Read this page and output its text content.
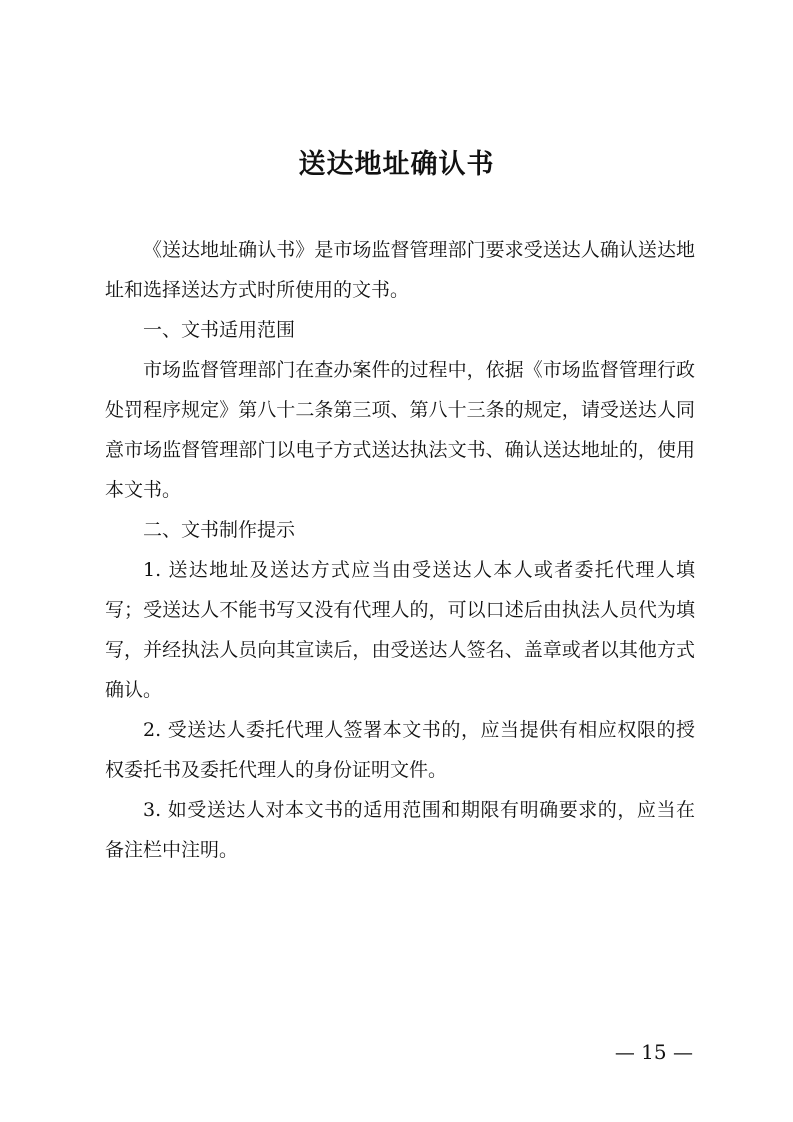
送达地址确认书

《送达地址确认书》是市场监督管理部门要求受送达人确认送达地址和选择送达方式时所使用的文书。

一、文书适用范围

市场监督管理部门在查办案件的过程中，依据《市场监督管理行政处罚程序规定》第八十二条第三项、第八十三条的规定，请受送达人同意市场监督管理部门以电子方式送达执法文书、确认送达地址的，使用本文书。

二、文书制作提示

1. 送达地址及送达方式应当由受送达人本人或者委托代理人填写；受送达人不能书写又没有代理人的，可以口述后由执法人员代为填写，并经执法人员向其宣读后，由受送达人签名、盖章或者以其他方式确认。

2. 受送达人委托代理人签署本文书的，应当提供有相应权限的授权委托书及委托代理人的身份证明文件。

3. 如受送达人对本文书的适用范围和期限有明确要求的，应当在备注栏中注明。

— 15 —
